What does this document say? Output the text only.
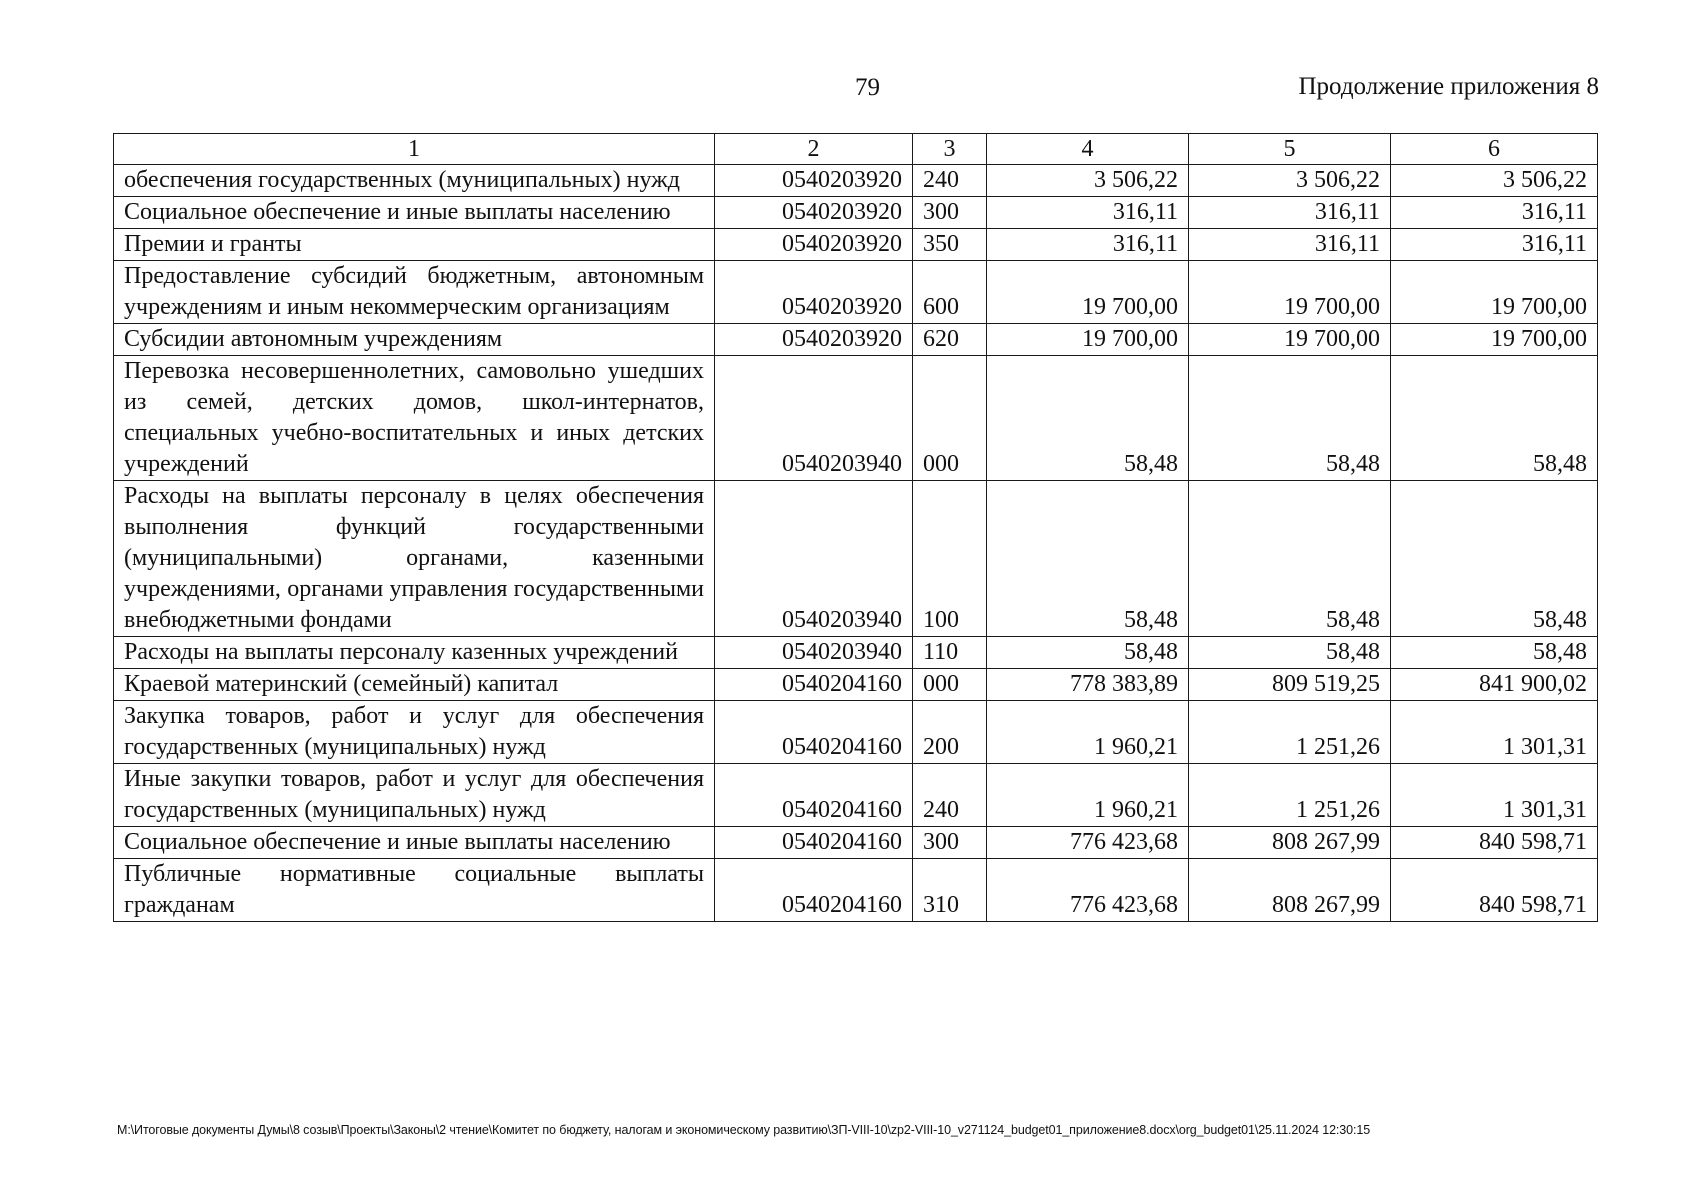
79	Продолжение приложения 8
1	2	3	4	5	6
обеспечения государственных (муниципальных) нужд	0540203920	240	3 506,22	3 506,22	3 506,22
Социальное обеспечение и иные выплаты населению	0540203920	300	316,11	316,11	316,11
Премии и гранты	0540203920	350	316,11	316,11	316,11
Предоставление субсидий бюджетным, автономным учреждениям и иным некоммерческим организациям	0540203920	600	19 700,00	19 700,00	19 700,00
Субсидии автономным учреждениям	0540203920	620	19 700,00	19 700,00	19 700,00
Перевозка несовершеннолетних, самовольно ушедших из семей, детских домов, школ-интернатов, специальных учебно-воспитательных и иных детских учреждений	0540203940	000	58,48	58,48	58,48
Расходы на выплаты персоналу в целях обеспечения выполнения функций государственными (муниципальными) органами, казенными учреждениями, органами управления государственными внебюджетными фондами	0540203940	100	58,48	58,48	58,48
Расходы на выплаты персоналу казенных учреждений	0540203940	110	58,48	58,48	58,48
Краевой материнский (семейный) капитал	0540204160	000	778 383,89	809 519,25	841 900,02
Закупка товаров, работ и услуг для обеспечения государственных (муниципальных) нужд	0540204160	200	1 960,21	1 251,26	1 301,31
Иные закупки товаров, работ и услуг для обеспечения государственных (муниципальных) нужд	0540204160	240	1 960,21	1 251,26	1 301,31
Социальное обеспечение и иные выплаты населению	0540204160	300	776 423,68	808 267,99	840 598,71
Публичные нормативные социальные выплаты гражданам	0540204160	310	776 423,68	808 267,99	840 598,71
M:\Итоговые документы Думы\8 созыв\Проекты\Законы\2 чтение\Комитет по бюджету, налогам и экономическому развитию\ЗП-VIII-10\zp2-VIII-10_v271124_budget01_приложение8.docx\org_budget01\25.11.2024 12:30:15
